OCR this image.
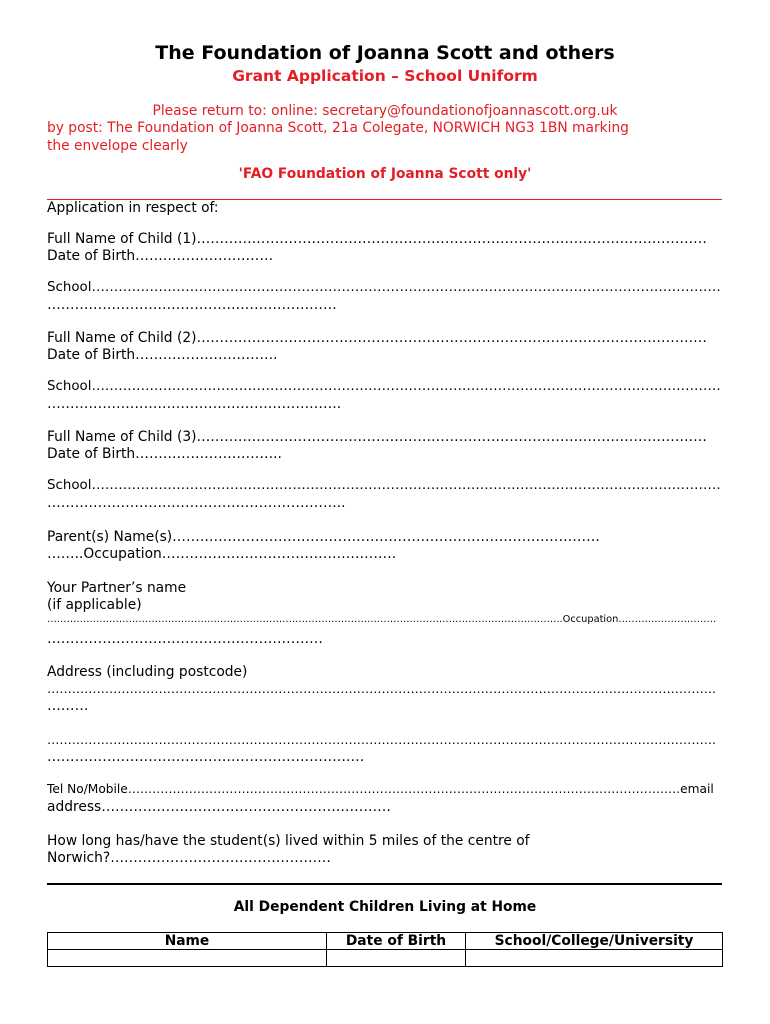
The Foundation of Joanna Scott and others
Grant Application – School Uniform
Please return to: online: secretary@foundationofjoannascott.org.uk
by post: The Foundation of Joanna Scott, 21a Colegate, NORWICH NG3 1BN marking
the envelope clearly
'FAO Foundation of Joanna Scott only'
Application in respect of:
Full Name of Child (1)…………………………………………………………………………………………………
Date of Birth…………………………
School……………………………………………………………………………………………………………………………
………………………………………………………
Full Name of Child (2)…………………………………………………………………………………………………
Date of Birth………………………….
School……………………………………………………………………………………………………………………………
……………………………………………………….
Full Name of Child (3)…………………………………………………………………………………………………
Date of Birth…………………………..
School……………………………………………………………………………………………………………………………
………………………………………………………..
Parent(s) Name(s)…………………………………………………………………………………
……..Occupation……………………………………………
Your Partner’s name
(if applicable)
…………………………………………………………………………………………………………………………………………..Occupation…………………………
……………………………………………………
Address (including postcode)
………………………………………………………………………………………………………………………………………………
………
………………………………………………………………………………………………………………………………………………
……………………………………………………………
Tel No/Mobile……………………………………………………………………………………………………………………….email
address………………………………………………………
How long has/have the student(s) lived within 5 miles of the centre of
Norwich?…………………………………………
All Dependent Children Living at Home
Name	Date of Birth	School/College/University
